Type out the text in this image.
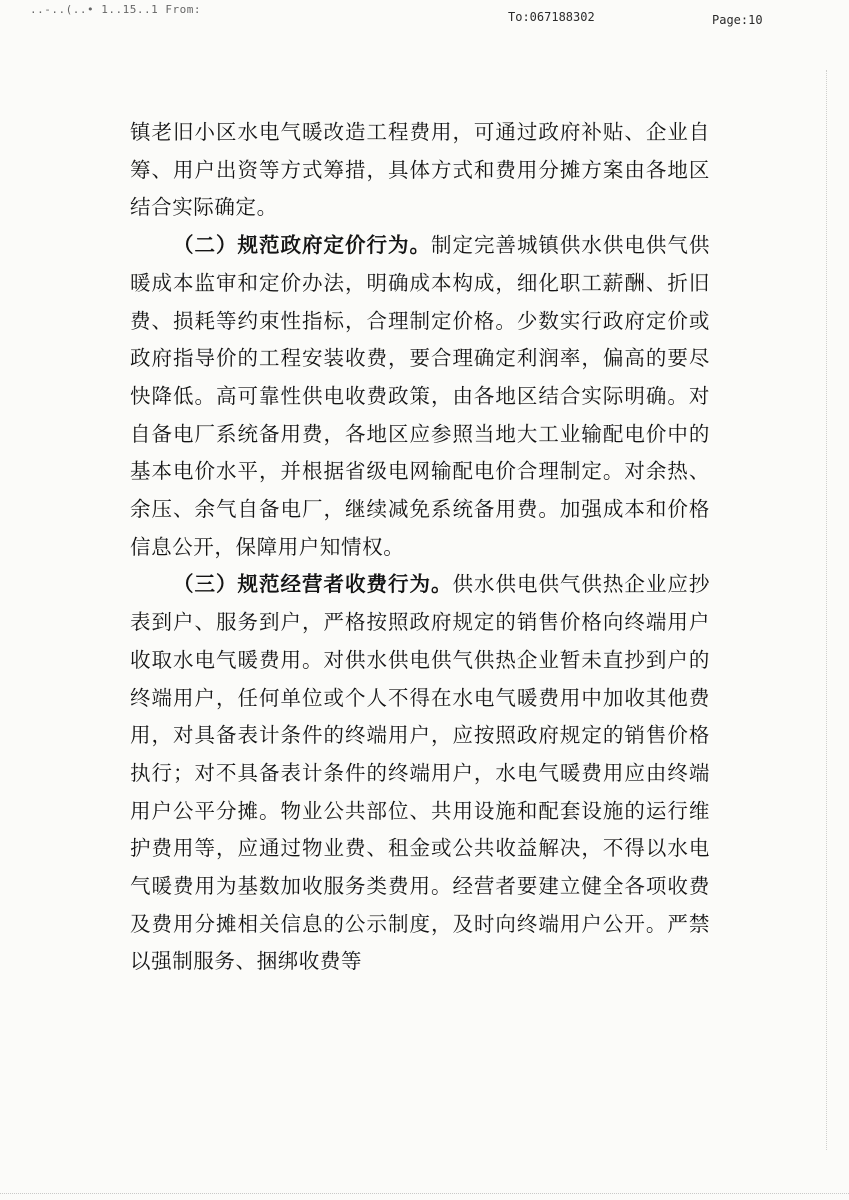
..-..(..• 1..15..1 From:
To:067188302	Page:10

镇老旧小区水电气暖改造工程费用，可通过政府补贴、企业自筹、用户出资等方式筹措，具体方式和费用分摊方案由各地区结合实际确定。

（二）规范政府定价行为。制定完善城镇供水供电供气供暖成本监审和定价办法，明确成本构成，细化职工薪酬、折旧费、损耗等约束性指标，合理制定价格。少数实行政府定价或政府指导价的工程安装收费，要合理确定利润率，偏高的要尽快降低。高可靠性供电收费政策，由各地区结合实际明确。对自备电厂系统备用费，各地区应参照当地大工业输配电价中的基本电价水平，并根据省级电网输配电价合理制定。对余热、余压、余气自备电厂，继续减免系统备用费。加强成本和价格信息公开，保障用户知情权。

（三）规范经营者收费行为。供水供电供气供热企业应抄表到户、服务到户，严格按照政府规定的销售价格向终端用户收取水电气暖费用。对供水供电供气供热企业暂未直抄到户的终端用户，任何单位或个人不得在水电气暖费用中加收其他费用，对具备表计条件的终端用户，应按照政府规定的销售价格执行；对不具备表计条件的终端用户，水电气暖费用应由终端用户公平分摊。物业公共部位、共用设施和配套设施的运行维护费用等，应通过物业费、租金或公共收益解决，不得以水电气暖费用为基数加收服务类费用。经营者要建立健全各项收费及费用分摊相关信息的公示制度，及时向终端用户公开。严禁以强制服务、捆绑收费等
